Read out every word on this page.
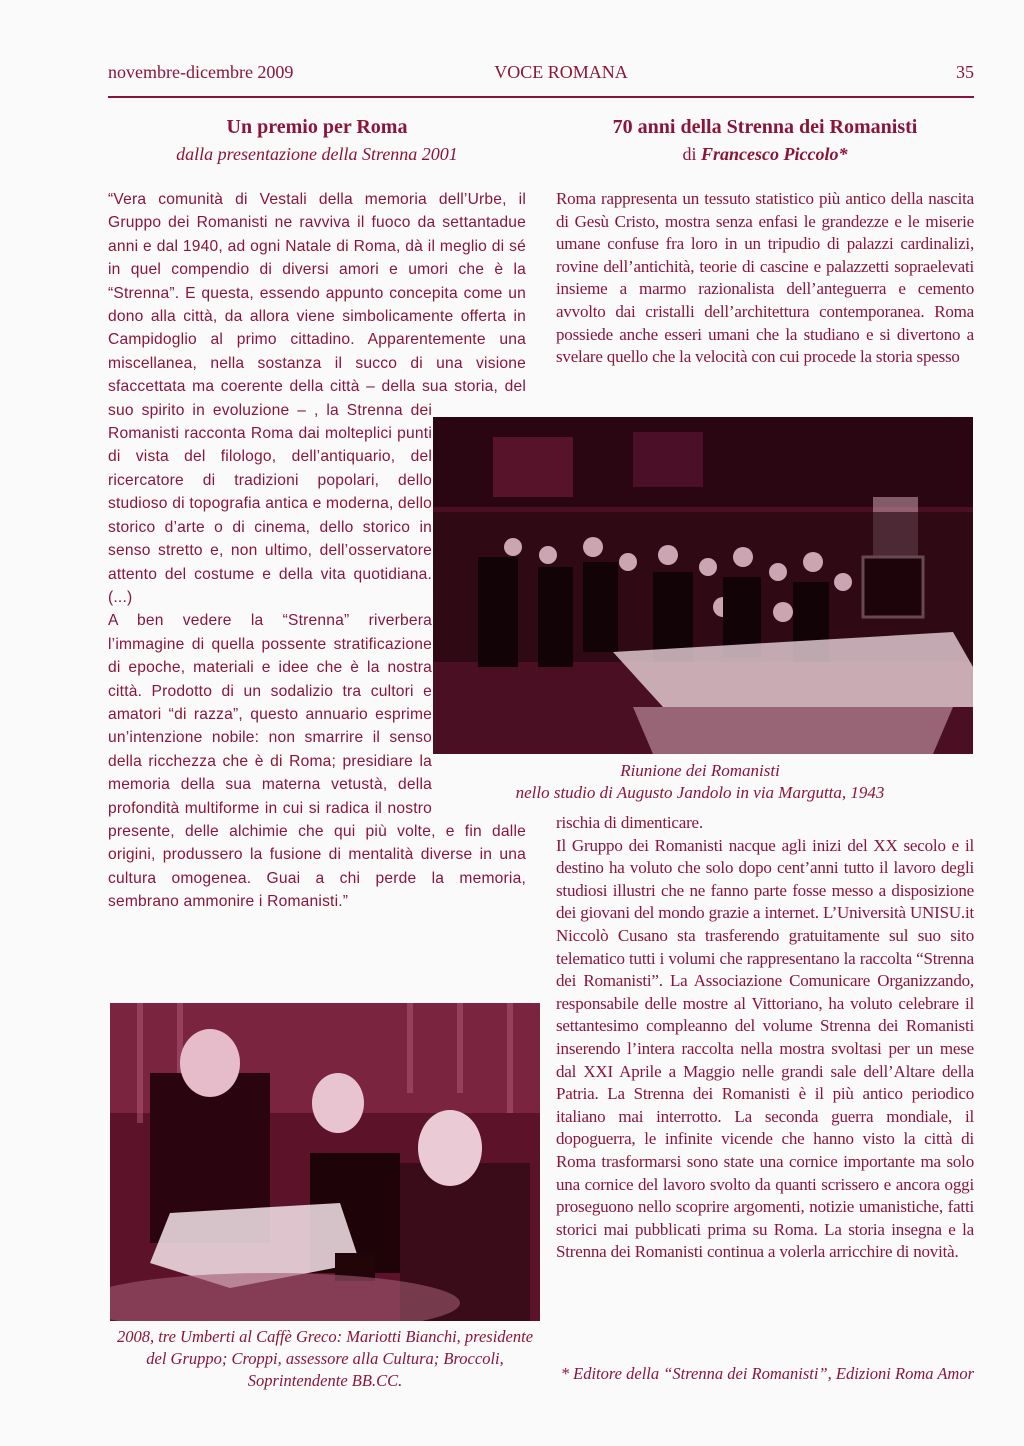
novembre-dicembre 2009	VOCE ROMANA	35
Un premio per Roma
dalla presentazione della Strenna 2001
70 anni della Strenna dei Romanisti
di Francesco Piccolo*

“Vera comunità di Vestali della memoria dell’Urbe, il Gruppo dei Romanisti ne ravviva il fuoco da settantadue anni e dal 1940, ad ogni Natale di Roma, dà il meglio di sé in quel compendio di diversi amori e umori che è la “Strenna”. E questa, essendo appunto concepita come un dono alla città, da allora viene simbolicamente offerta in Campidoglio al primo cittadino. Apparentemente una miscellanea, nella sostanza il succo di una visione sfaccettata ma coerente della città – della sua storia, del suo spirito in evoluzione – , la Strenna dei Romanisti racconta Roma dai molteplici punti di vista del filologo, dell’antiquario, del ricercatore di tradizioni popolari, dello studioso di topografia antica e moderna, dello storico d’arte o di cinema, dello storico in senso stretto e, non ultimo, dell’osservatore attento del costume e della vita quotidiana. (...)

A ben vedere la “Strenna” riverbera l’immagine di quella possente stratificazione di epoche, materiali e idee che è la nostra città. Prodotto di un sodalizio tra cultori e amatori “di razza”, questo annuario esprime un’intenzione nobile: non smarrire il senso della ricchezza che è di Roma; presidiare la memoria della sua materna vetustà, della profondità multiforme in cui si radica il nostro presente, delle alchimie che qui più volte, e fin dalle origini, produssero la fusione di mentalità diverse in una cultura omogenea. Guai a chi perde la memoria, sembrano ammonire i Romanisti.”

Roma rappresenta un tessuto statistico più antico della nascita di Gesù Cristo, mostra senza enfasi le grandezze e le miserie umane confuse fra loro in un tripudio di palazzi cardinalizi, rovine dell’antichità, teorie di cascine e palazzetti sopraelevati insieme a marmo razionalista dell’anteguerra e cemento avvolto dai cristalli dell’architettura contemporanea. Roma possiede anche esseri umani che la studiano e si divertono a svelare quello che la velocità con cui procede la storia spesso

Riunione dei Romanisti
nello studio di Augusto Jandolo in via Margutta, 1943

rischia di dimenticare.

Il Gruppo dei Romanisti nacque agli inizi del XX secolo e il destino ha voluto che solo dopo cent’anni tutto il lavoro degli studiosi illustri che ne fanno parte fosse messo a disposizione dei giovani del mondo grazie a internet. L’Università UNISU.it Niccolò Cusano sta trasferendo gratuitamente sul suo sito telematico tutti i volumi che rappresentano la raccolta “Strenna dei Romanisti”. La Associazione Comunicare Organizzando, responsabile delle mostre al Vittoriano, ha voluto celebrare il settantesimo compleanno del volume Strenna dei Romanisti inserendo l’intera raccolta nella mostra svoltasi per un mese dal XXI Aprile a Maggio nelle grandi sale dell’Altare della Patria. La Strenna dei Romanisti è il più antico periodico italiano mai interrotto. La seconda guerra mondiale, il dopoguerra, le infinite vicende che hanno visto la città di Roma trasformarsi sono state una cornice importante ma solo una cornice del lavoro svolto da quanti scrissero e ancora oggi proseguono nello scoprire argomenti, notizie umanistiche, fatti storici mai pubblicati prima su Roma. La storia insegna e la Strenna dei Romanisti continua a volerla arricchire di novità.

* Editore della “Strenna dei Romanisti”, Edizioni Roma Amor
2008, tre Umberti al Caffè Greco: Mariotti Bianchi, presidente del Gruppo; Croppi, assessore alla Cultura; Broccoli, Soprintendente BB.CC.
